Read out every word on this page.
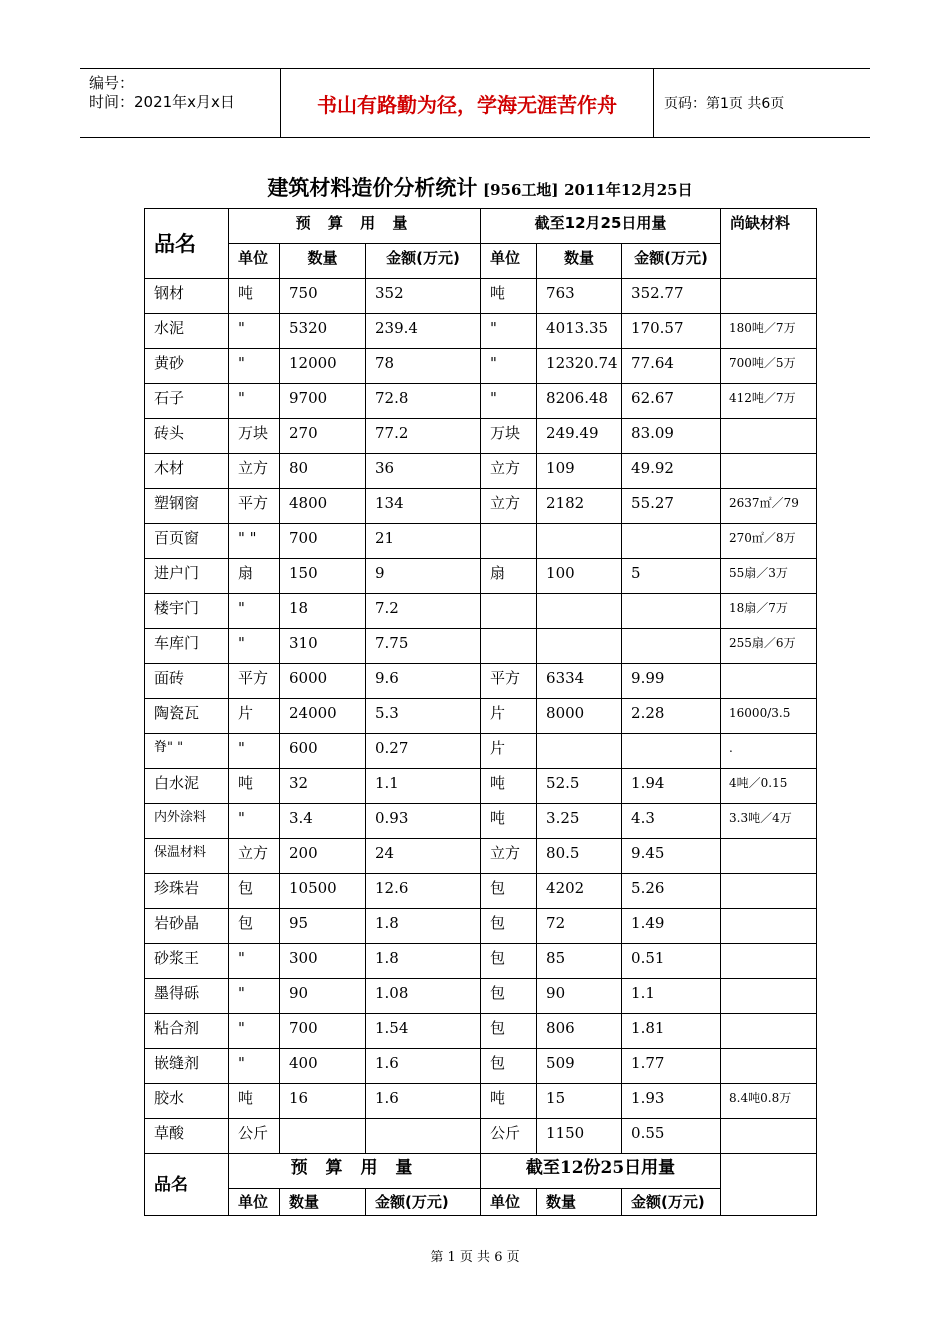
编号：
时间：2021年x月x日	书山有路勤为径，学海无涯苦作舟	页码：第1页 共6页
建筑材料造价分析统计 [956工地] 2011年12月25日
品名	预 算 用 量			截至12月25日用量			尚缺材料
	单位	数量	金额(万元)	单位	数量	金额(万元)	
钢材	吨	750	352	吨	763	352.77	
水泥	"	5320	239.4	"	4013.35	170.57	180吨／7万
黄砂	"	12000	78	"	12320.74	77.64	700吨／5万
石子	"	9700	72.8	"	8206.48	62.67	412吨／7万
砖头	万块	270	77.2	万块	249.49	83.09	
木材	立方	80	36	立方	109	49.92	
塑钢窗	平方	4800	134	立方	2182	55.27	2637㎡／79
百页窗	" "	700	21				270㎡／8万
进户门	扇	150	9	扇	100	5	55扇／3万
楼宇门	"	18	7.2				18扇／7万
车库门	"	310	7.75				255扇／6万
面砖	平方	6000	9.6	平方	6334	9.99	
陶瓷瓦	片	24000	5.3	片	8000	2.28	16000/3.5
脊" "	"	600	0.27	片			.
白水泥	吨	32	1.1	吨	52.5	1.94	4吨／0.15
内外涂料	"	3.4	0.93	吨	3.25	4.3	3.3吨／4万
保温材料	立方	200	24	立方	80.5	9.45	
珍珠岩	包	10500	12.6	包	4202	5.26	
岩砂晶	包	95	1.8	包	72	1.49	
砂浆王	"	300	1.8	包	85	0.51	
墨得砾	"	90	1.08	包	90	1.1	
粘合剂	"	700	1.54	包	806	1.81	
嵌缝剂	"	400	1.6	包	509	1.77	
胶水	吨	16	1.6	吨	15	1.93	8.4吨0.8万
草酸	公斤			公斤	1150	0.55	
品名	预 算 用 量			截至12份25日用量			
	单位	数量	金额(万元)	单位	数量	金额(万元)	
第 1 页 共 6 页
